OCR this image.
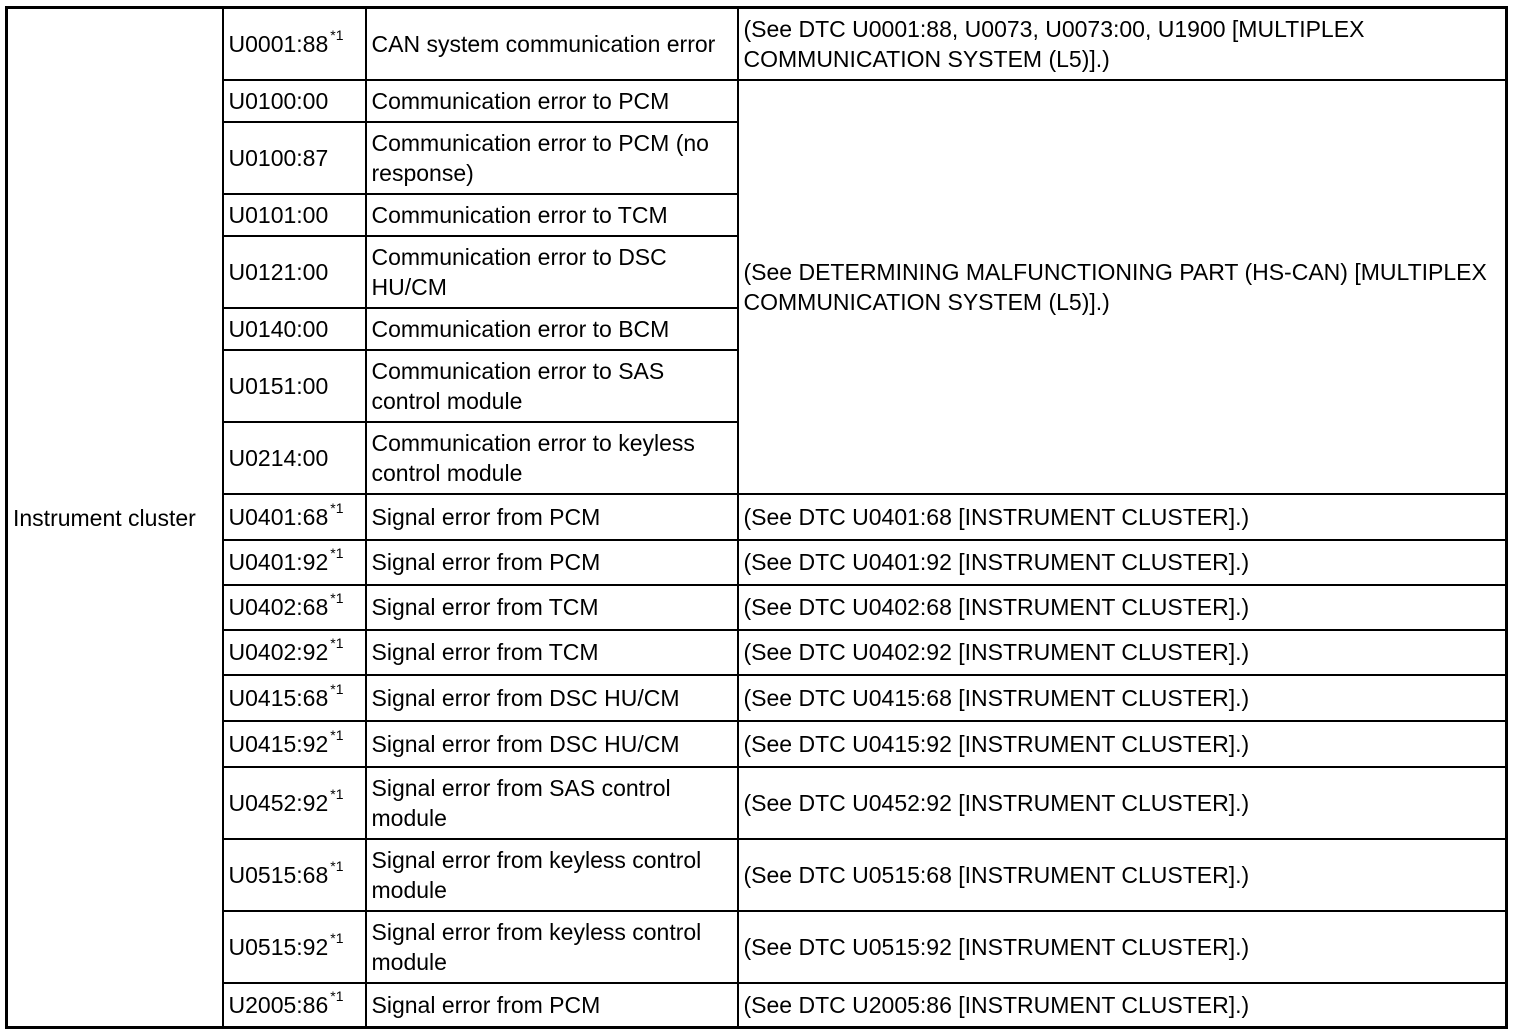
Instrument cluster	U0001:88 $^{*1}$	CAN system communication error	(See DTC U0001:88, U0073, U0073:00, U1900 [MULTIPLEX COMMUNICATION SYSTEM (L5)].)
	U0100:00	Communication error to PCM	(See DETERMINING MALFUNCTIONING PART (HS-CAN) [MULTIPLEX COMMUNICATION SYSTEM (L5)].)
	U0100:87	Communication error to PCM (no response)	
	U0101:00	Communication error to TCM	
	U0121:00	Communication error to DSC HU/CM	
	U0140:00	Communication error to BCM	
	U0151:00	Communication error to SAS control module	
	U0214:00	Communication error to keyless control module	
	U0401:68 $^{*1}$	Signal error from PCM	(See DTC U0401:68 [INSTRUMENT CLUSTER].)
	U0401:92 $^{*1}$	Signal error from PCM	(See DTC U0401:92 [INSTRUMENT CLUSTER].)
	U0402:68 $^{*1}$	Signal error from TCM	(See DTC U0402:68 [INSTRUMENT CLUSTER].)
	U0402:92 $^{*1}$	Signal error from TCM	(See DTC U0402:92 [INSTRUMENT CLUSTER].)
	U0415:68 $^{*1}$	Signal error from DSC HU/CM	(See DTC U0415:68 [INSTRUMENT CLUSTER].)
	U0415:92 $^{*1}$	Signal error from DSC HU/CM	(See DTC U0415:92 [INSTRUMENT CLUSTER].)
	U0452:92 $^{*1}$	Signal error from SAS control module	(See DTC U0452:92 [INSTRUMENT CLUSTER].)
	U0515:68 $^{*1}$	Signal error from keyless control module	(See DTC U0515:68 [INSTRUMENT CLUSTER].)
	U0515:92 $^{*1}$	Signal error from keyless control module	(See DTC U0515:92 [INSTRUMENT CLUSTER].)
	U2005:86 $^{*1}$	Signal error from PCM	(See DTC U2005:86 [INSTRUMENT CLUSTER].)
